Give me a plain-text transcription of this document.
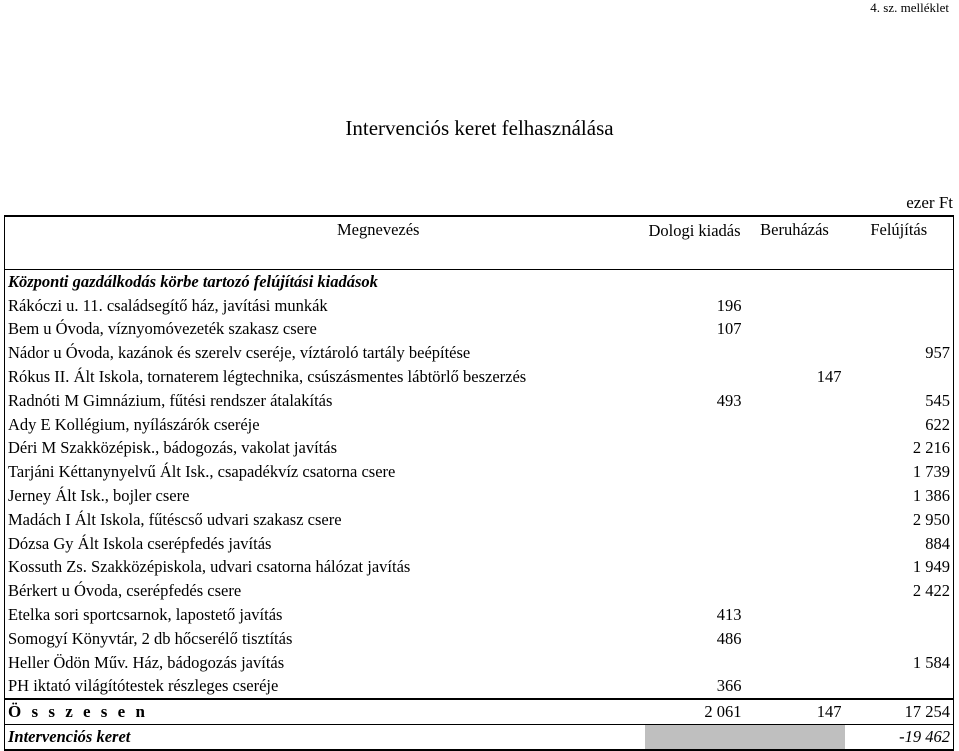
4. sz. melléklet
Intervenciós keret felhasználása
ezer Ft
Megnevezés	Dologi kiadás	Beruházás	Felújítás
Központi gazdálkodás körbe tartozó felújítási kiadások			
Rákóczi u. 11. családsegítő ház, javítási munkák	196		
Bem u Óvoda, víznyomóvezeték szakasz csere	107		
Nádor u Óvoda, kazánok és szerelv cseréje, víztároló tartály beépítése			957
Rókus II. Ált Iskola, tornaterem légtechnika, csúszásmentes lábtörlő beszerzés		147	
Radnóti M Gimnázium, fűtési rendszer átalakítás	493		545
Ady E Kollégium, nyílászárók cseréje			622
Déri M Szakközépisk., bádogozás, vakolat javítás			2 216
Tarjáni Kéttanynyelvű Ált Isk., csapadékvíz csatorna csere			1 739
Jerney Ált Isk., bojler csere			1 386
Madách I Ált Iskola, fűtéscső udvari szakasz csere			2 950
Dózsa Gy Ált Iskola cserépfedés javítás			884
Kossuth Zs. Szakközépiskola, udvari csatorna hálózat javítás			1 949
Bérkert u Óvoda, cserépfedés csere			2 422
Etelka sori sportcsarnok, lapostető javítás	413		
Somogyí Könyvtár, 2 db hőcserélő tisztítás	486		
Heller Ödön Műv. Ház, bádogozás javítás			1 584
PH iktató világítótestek részleges cseréje	366		
Ö s s z e s e n	2 061	147	17 254
Intervenciós keret			-19 462
